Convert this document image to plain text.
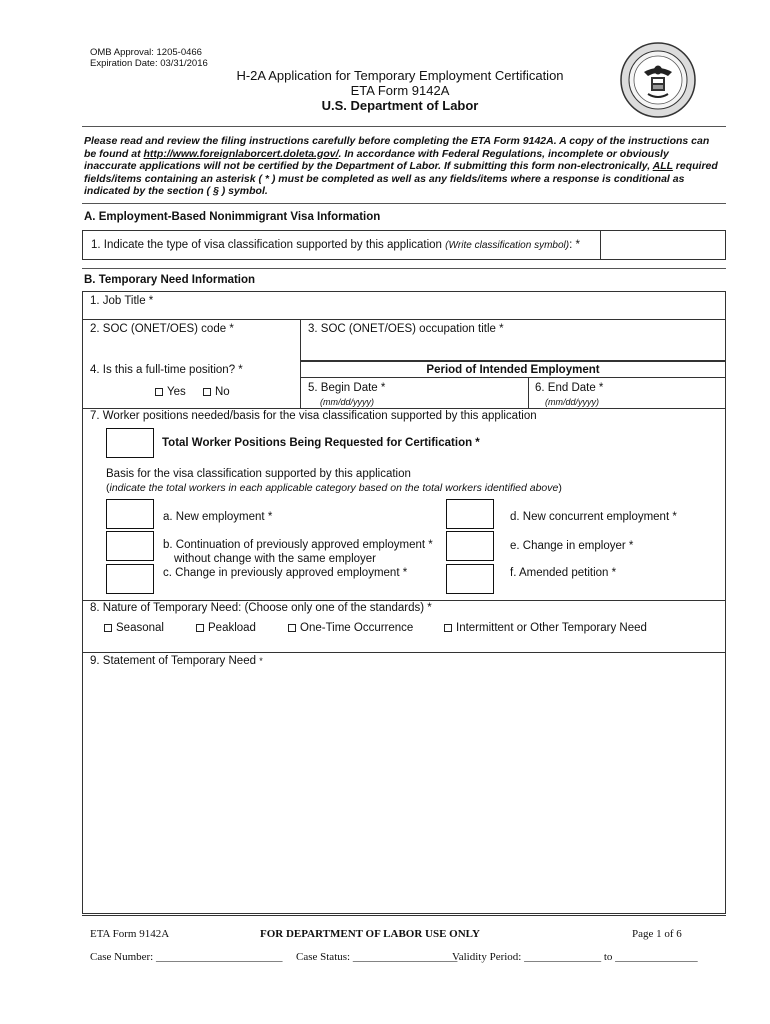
OMB Approval: 1205-0466
Expiration Date: 03/31/2016
H-2A Application for Temporary Employment Certification
ETA Form 9142A
U.S. Department of Labor
Please read and review the filing instructions carefully before completing the ETA Form 9142A. A copy of the instructions can be found at http://www.foreignlaborcert.doleta.gov/. In accordance with Federal Regulations, incomplete or obviously inaccurate applications will not be certified by the Department of Labor. If submitting this form non-electronically, ALL required fields/items containing an asterisk ( * ) must be completed as well as any fields/items where a response is conditional as indicated by the section ( § ) symbol.
A. Employment-Based Nonimmigrant Visa Information
1. Indicate the type of visa classification supported by this application (Write classification symbol): *
B. Temporary Need Information
1. Job Title *
2. SOC (ONET/OES) code *	3. SOC (ONET/OES) occupation title *
4. Is this a full-time position? *
Yes	No
Period of Intended Employment
5. Begin Date *
(mm/dd/yyyy)
6. End Date *
(mm/dd/yyyy)
7. Worker positions needed/basis for the visa classification supported by this application
Total Worker Positions Being Requested for Certification *
Basis for the visa classification supported by this application
(indicate the total workers in each applicable category based on the total workers identified above)
a. New employment *
b. Continuation of previously approved employment *
without change with the same employer
c. Change in previously approved employment *
d. New concurrent employment *
e. Change in employer *
f. Amended petition *
8. Nature of Temporary Need: (Choose only one of the standards) *
Seasonal	Peakload	One-Time Occurrence	Intermittent or Other Temporary Need
9. Statement of Temporary Need *
ETA Form 9142A	FOR DEPARTMENT OF LABOR USE ONLY	Page 1 of 6
Case Number: _______________________ Case Status: ___________________
Validity Period: ______________ to _______________
